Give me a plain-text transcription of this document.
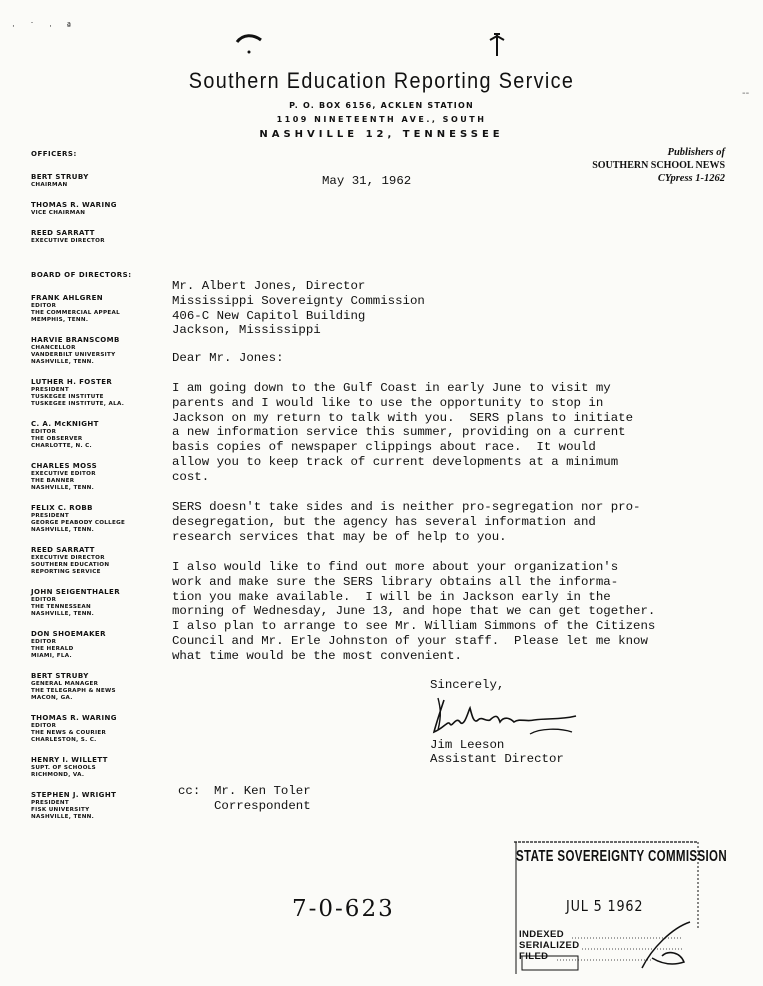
· ˙ · ª
--
Southern Education Reporting Service
P. O. BOX 6156, ACKLEN STATION
1109 NINETEENTH AVE., SOUTH
NASHVILLE 12, TENNESSEE
Publishers of
SOUTHERN SCHOOL NEWS
CYpress 1-1262
OFFICERS:
BERT STRUBY
CHAIRMAN
THOMAS R. WARING
VICE CHAIRMAN
REED SARRATT
EXECUTIVE DIRECTOR
BOARD OF DIRECTORS:
FRANK AHLGREN
EDITOR
THE COMMERCIAL APPEAL
MEMPHIS, TENN.
HARVIE BRANSCOMB
CHANCELLOR
VANDERBILT UNIVERSITY
NASHVILLE, TENN.
LUTHER H. FOSTER
PRESIDENT
TUSKEGEE INSTITUTE
TUSKEGEE INSTITUTE, ALA.
C. A. McKNIGHT
EDITOR
THE OBSERVER
CHARLOTTE, N. C.
CHARLES MOSS
EXECUTIVE EDITOR
THE BANNER
NASHVILLE, TENN.
FELIX C. ROBB
PRESIDENT
GEORGE PEABODY COLLEGE
NASHVILLE, TENN.
REED SARRATT
EXECUTIVE DIRECTOR
SOUTHERN EDUCATION
REPORTING SERVICE
JOHN SEIGENTHALER
EDITOR
THE TENNESSEAN
NASHVILLE, TENN.
DON SHOEMAKER
EDITOR
THE HERALD
MIAMI, FLA.
BERT STRUBY
GENERAL MANAGER
THE TELEGRAPH & NEWS
MACON, GA.
THOMAS R. WARING
EDITOR
THE NEWS & COURIER
CHARLESTON, S. C.
HENRY I. WILLETT
SUPT. OF SCHOOLS
RICHMOND, VA.
STEPHEN J. WRIGHT
PRESIDENT
FISK UNIVERSITY
NASHVILLE, TENN.
May 31, 1962
Mr. Albert Jones, Director
Mississippi Sovereignty Commission
406-C New Capitol Building
Jackson, Mississippi
Dear Mr. Jones:
I am going down to the Gulf Coast in early June to visit my
parents and I would like to use the opportunity to stop in
Jackson on my return to talk with you.  SERS plans to initiate
a new information service this summer, providing on a current
basis copies of newspaper clippings about race.  It would
allow you to keep track of current developments at a minimum
cost.
SERS doesn't take sides and is neither pro-segregation nor pro-
desegregation, but the agency has several information and
research services that may be of help to you.
I also would like to find out more about your organization's
work and make sure the SERS library obtains all the informa-
tion you make available.  I will be in Jackson early in the
morning of Wednesday, June 13, and hope that we can get together.
I also plan to arrange to see Mr. William Simmons of the Citizens
Council and Mr. Erle Johnston of your staff.  Please let me know
what time would be the most convenient.
Sincerely,
Jim Leeson
Assistant Director
cc: Mr. Ken Toler
Correspondent
7-0-623
STATE SOVEREIGNTY COMMISSION
JUL 5 1962
INDEXED
SERIALIZED
FILED
